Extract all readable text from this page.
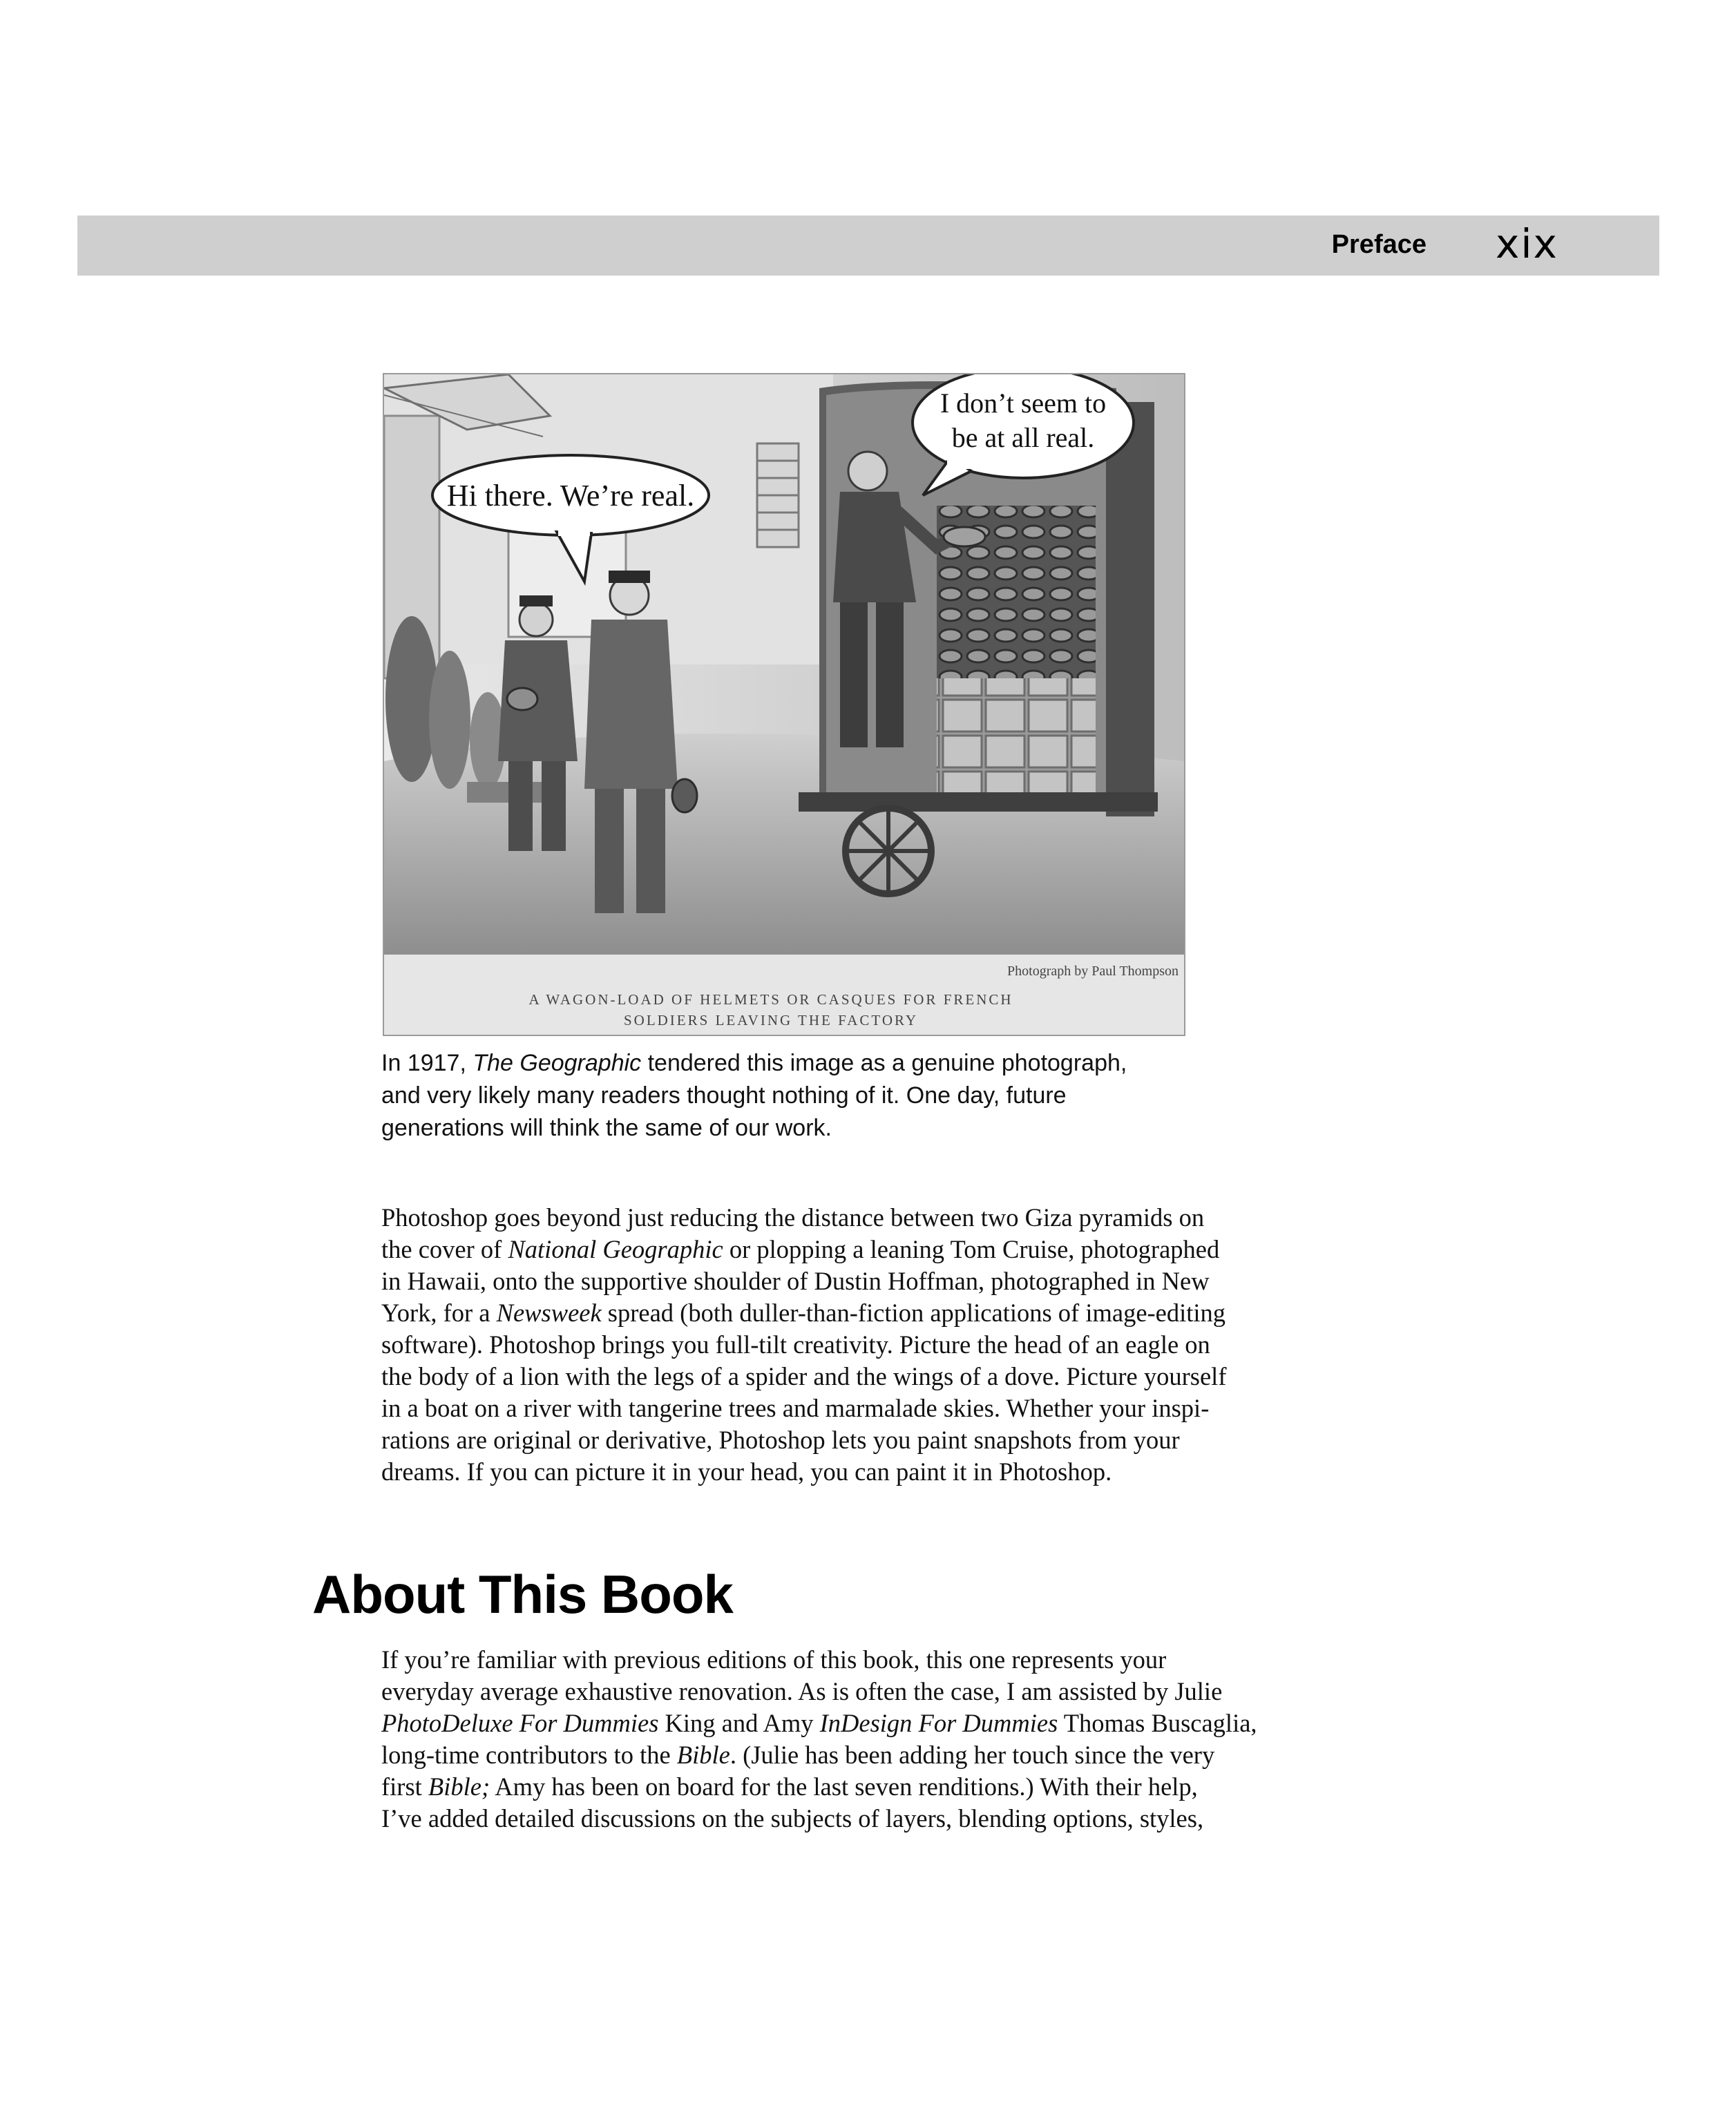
Preface xix
Hi there. We’re real.
I don’t seem to
be at all real.
Photograph by Paul Thompson
A WAGON-LOAD OF HELMETS OR CASQUES FOR FRENCH
SOLDIERS LEAVING THE FACTORY
In 1917, The Geographic tendered this image as a genuine photograph,
and very likely many readers thought nothing of it. One day, future
generations will think the same of our work.
Photoshop goes beyond just reducing the distance between two Giza pyramids on
the cover of National Geographic or plopping a leaning Tom Cruise, photographed
in Hawaii, onto the supportive shoulder of Dustin Hoffman, photographed in New
York, for a Newsweek spread (both duller-than-fiction applications of image-editing
software). Photoshop brings you full-tilt creativity. Picture the head of an eagle on
the body of a lion with the legs of a spider and the wings of a dove. Picture yourself
in a boat on a river with tangerine trees and marmalade skies. Whether your inspi-
rations are original or derivative, Photoshop lets you paint snapshots from your
dreams. If you can picture it in your head, you can paint it in Photoshop.
About This Book
If you’re familiar with previous editions of this book, this one represents your
everyday average exhaustive renovation. As is often the case, I am assisted by Julie
PhotoDeluxe For Dummies King and Amy InDesign For Dummies Thomas Buscaglia,
long-time contributors to the Bible. (Julie has been adding her touch since the very
first Bible; Amy has been on board for the last seven renditions.) With their help,
I’ve added detailed discussions on the subjects of layers, blending options, styles,
